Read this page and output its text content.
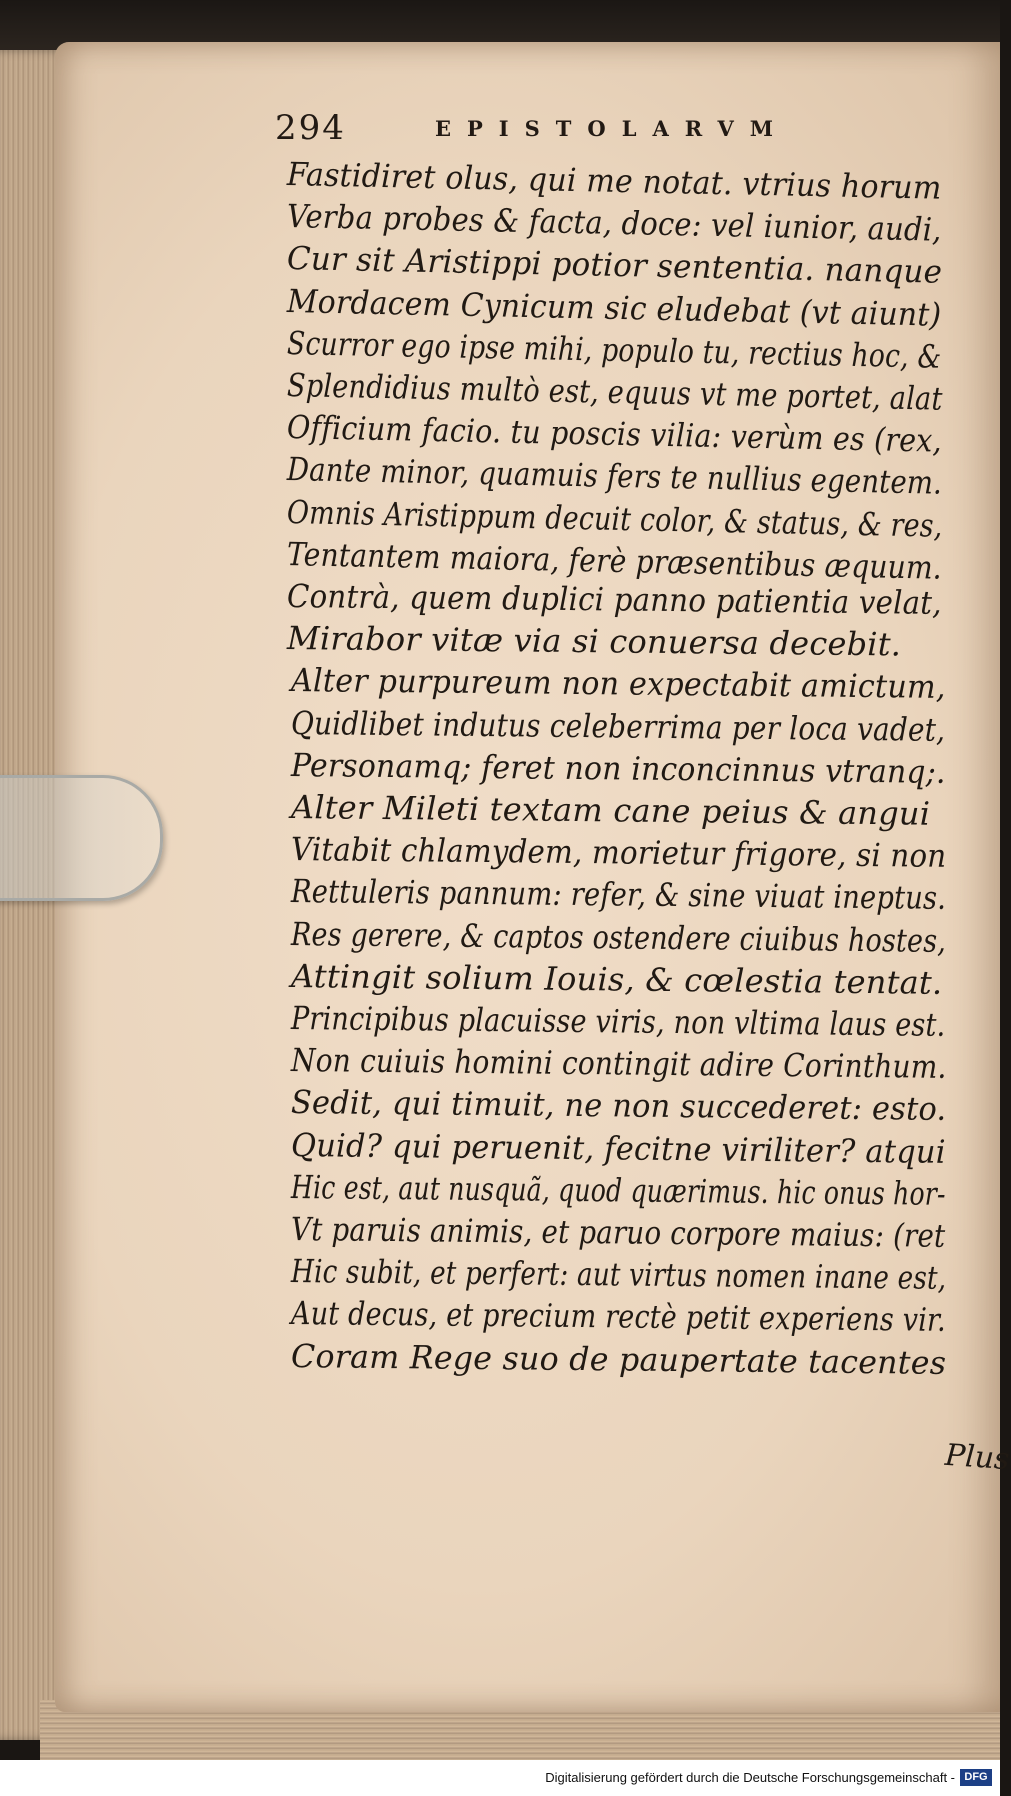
294	EPISTOLARVM
Fastidiret olus, qui me notat. vtrius horum
Verba probes & facta, doce: vel iunior, audi,
Cur sit Aristippi potior sententia. nanque
Mordacem Cynicum sic eludebat (vt aiunt)
Scurror ego ipse mihi, populo tu, rectius hoc, &
Splendidius multò est, equus vt me portet, alat
Officium facio. tu poscis vilia: verùm es (rex,
Dante minor, quamuis fers te nullius egentem.
Omnis Aristippum decuit color, & status, & res,
Tentantem maiora, ferè præsentibus æquum.
Contrà, quem duplici panno patientia velat,
Mirabor vitæ via si conuersa decebit.
Alter purpureum non expectabit amictum,
Quidlibet indutus celeberrima per loca vadet,
Personamq; feret non inconcinnus vtranq;.
Alter Mileti textam cane peius & angui
Vitabit chlamydem, morietur frigore, si non
Rettuleris pannum: refer, & sine viuat ineptus.
Res gerere, & captos ostendere ciuibus hostes,
Attingit solium Iouis, & cœlestia tentat.
Principibus placuisse viris, non vltima laus est.
Non cuiuis homini contingit adire Corinthum.
Sedit, qui timuit, ne non succederet: esto.
Quid? qui peruenit, fecitne viriliter? atqui
Hic est, aut nusquã, quod quærimus. hic onus hor-
Vt paruis animis, et paruo corpore maius: (ret
Hic subit, et perfert: aut virtus nomen inane est,
Aut decus, et precium rectè petit experiens vir.
Coram Rege suo de paupertate tacentes
Plus
Digitalisierung gefördert durch die Deutsche Forschungsgemeinschaft - DFG
